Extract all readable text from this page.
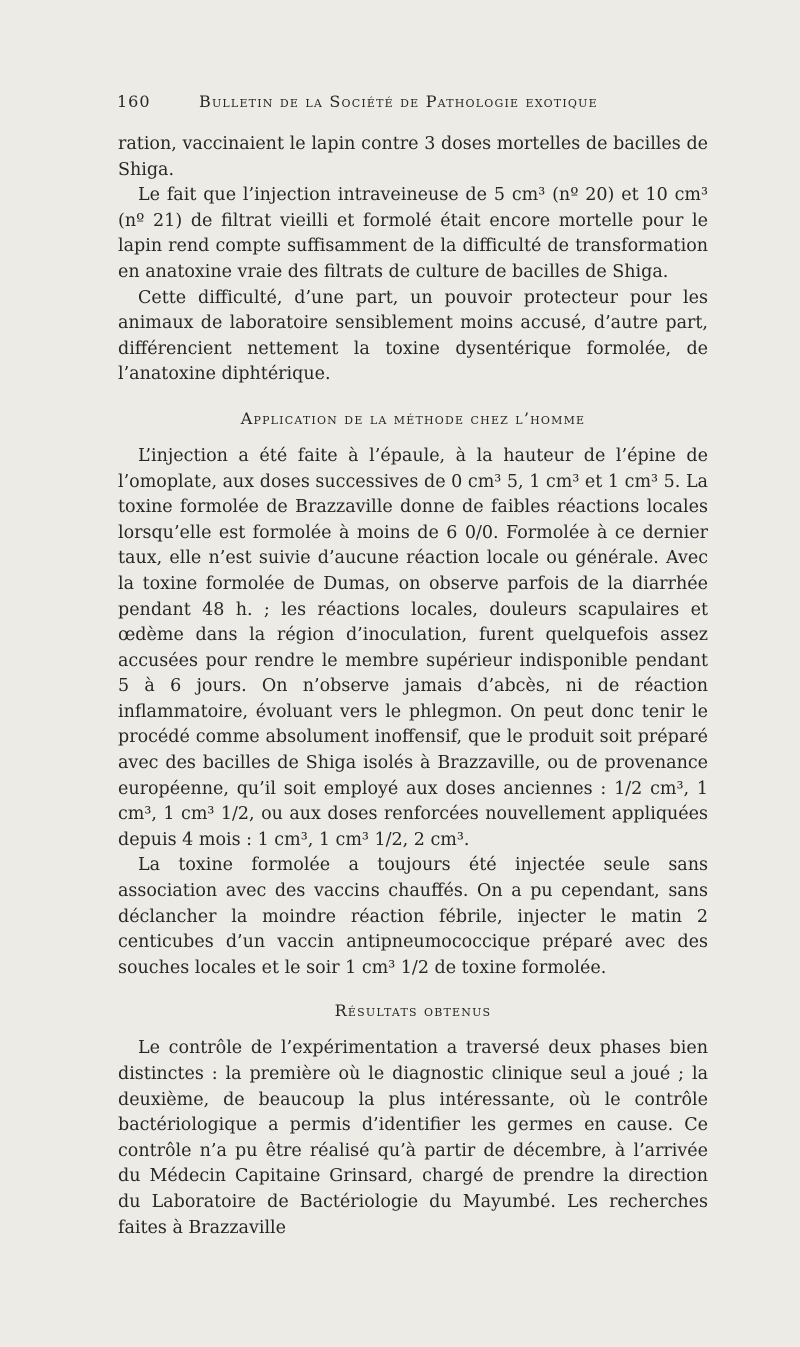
160	Bulletin de la Société de Pathologie exotique

ration, vaccinaient le lapin contre 3 doses mortelles de bacilles de Shiga.

Le fait que l’injection intraveineuse de 5 cm³ (nº 20) et 10 cm³ (nº 21) de filtrat vieilli et formolé était encore mortelle pour le lapin rend compte suffisamment de la difficulté de transformation en anatoxine vraie des filtrats de culture de bacilles de Shiga.

Cette difficulté, d’une part, un pouvoir protecteur pour les animaux de laboratoire sensiblement moins accusé, d’autre part, différencient nettement la toxine dysentérique formolée, de l’anatoxine diphtérique.

Application de la méthode chez l’homme

L’injection a été faite à l’épaule, à la hauteur de l’épine de l’omoplate, aux doses successives de 0 cm³ 5, 1 cm³ et 1 cm³ 5. La toxine formolée de Brazzaville donne de faibles réactions locales lorsqu’elle est formolée à moins de 6 0/0. Formolée à ce dernier taux, elle n’est suivie d’aucune réaction locale ou générale. Avec la toxine formolée de Dumas, on observe parfois de la diarrhée pendant 48 h. ; les réactions locales, douleurs scapulaires et œdème dans la région d’inoculation, furent quelquefois assez accusées pour rendre le membre supérieur indisponible pendant 5 à 6 jours. On n’observe jamais d’abcès, ni de réaction inflammatoire, évoluant vers le phlegmon. On peut donc tenir le procédé comme absolument inoffensif, que le produit soit préparé avec des bacilles de Shiga isolés à Brazzaville, ou de provenance européenne, qu’il soit employé aux doses anciennes : 1/2 cm³, 1 cm³, 1 cm³ 1/2, ou aux doses renforcées nouvellement appliquées depuis 4 mois : 1 cm³, 1 cm³ 1/2, 2 cm³.

La toxine formolée a toujours été injectée seule sans association avec des vaccins chauffés. On a pu cependant, sans déclancher la moindre réaction fébrile, injecter le matin 2 centicubes d’un vaccin antipneumococcique préparé avec des souches locales et le soir 1 cm³ 1/2 de toxine formolée.

Résultats obtenus

Le contrôle de l’expérimentation a traversé deux phases bien distinctes : la première où le diagnostic clinique seul a joué ; la deuxième, de beaucoup la plus intéressante, où le contrôle bactériologique a permis d’identifier les germes en cause. Ce contrôle n’a pu être réalisé qu’à partir de décembre, à l’arrivée du Médecin Capitaine Grinsard, chargé de prendre la direction du Laboratoire de Bactériologie du Mayumbé. Les recherches faites à Brazzaville
